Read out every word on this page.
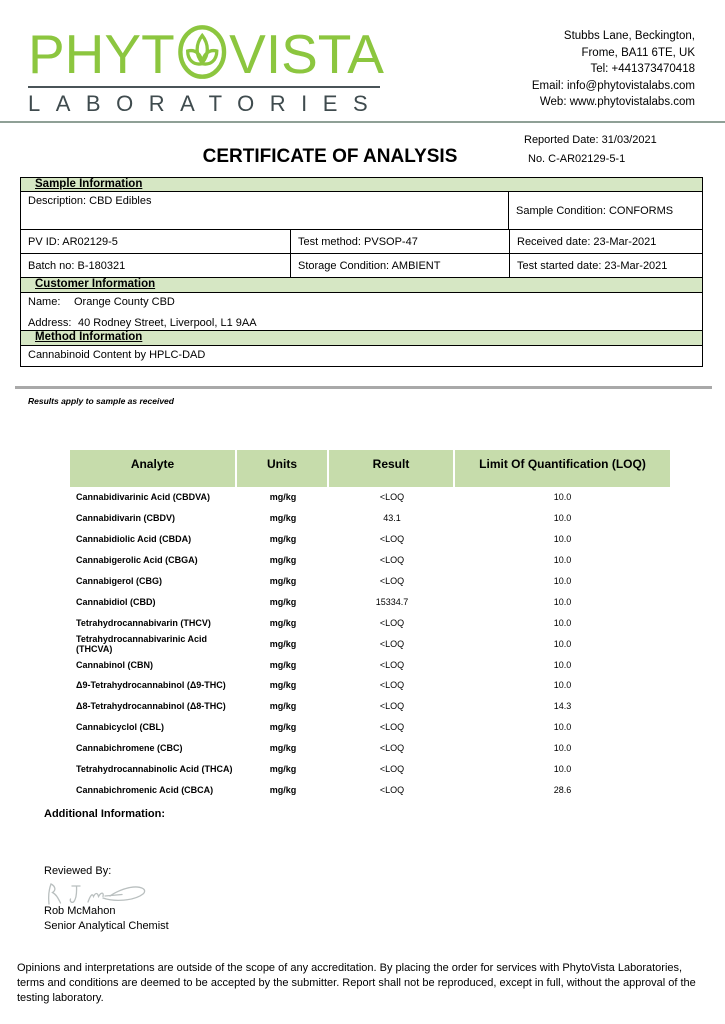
PHYT VISTA
LABORATORIES
Stubbs Lane, Beckington,
Frome, BA11 6TE, UK
Tel: +441373470418
Email: info@phytovistalabs.com
Web: www.phytovistalabs.com
CERTIFICATE OF ANALYSIS
Reported Date: 31/03/2021
No. C-AR02129-5-1
Sample Information
Description: CBD Edibles
Sample Condition: CONFORMS
PV ID: AR02129-5	Test method: PVSOP-47	Received date: 23-Mar-2021
Batch no: B-180321	Storage Condition: AMBIENT	Test started date: 23-Mar-2021
Customer Information
Name: Orange County CBD
Address: 40 Rodney Street, Liverpool, L1 9AA
Method Information
Cannabinoid Content by HPLC-DAD
Results apply to sample as received
Analyte	Units	Result	Limit Of Quantification (LOQ)
Cannabidivarinic Acid (CBDVA)	mg/kg	<LOQ	10.0
Cannabidivarin (CBDV)	mg/kg	43.1	10.0
Cannabidiolic Acid (CBDA)	mg/kg	<LOQ	10.0
Cannabigerolic Acid (CBGA)	mg/kg	<LOQ	10.0
Cannabigerol (CBG)	mg/kg	<LOQ	10.0
Cannabidiol (CBD)	mg/kg	15334.7	10.0
Tetrahydrocannabivarin (THCV)	mg/kg	<LOQ	10.0
Tetrahydrocannabivarinic Acid (THCVA)	mg/kg	<LOQ	10.0
Cannabinol (CBN)	mg/kg	<LOQ	10.0
Δ9-Tetrahydrocannabinol (Δ9-THC)	mg/kg	<LOQ	10.0
Δ8-Tetrahydrocannabinol (Δ8-THC)	mg/kg	<LOQ	14.3
Cannabicyclol (CBL)	mg/kg	<LOQ	10.0
Cannabichromene (CBC)	mg/kg	<LOQ	10.0
Tetrahydrocannabinolic Acid (THCA)	mg/kg	<LOQ	10.0
Cannabichromenic Acid (CBCA)	mg/kg	<LOQ	28.6
Additional Information:
Reviewed By:
Rob McMahon
Senior Analytical Chemist

Opinions and interpretations are outside of the scope of any accreditation. By placing the order for services with PhytoVista Laboratories, terms and conditions are deemed to be accepted by the submitter. Report shall not be reproduced, except in full, without the approval of the testing laboratory.
